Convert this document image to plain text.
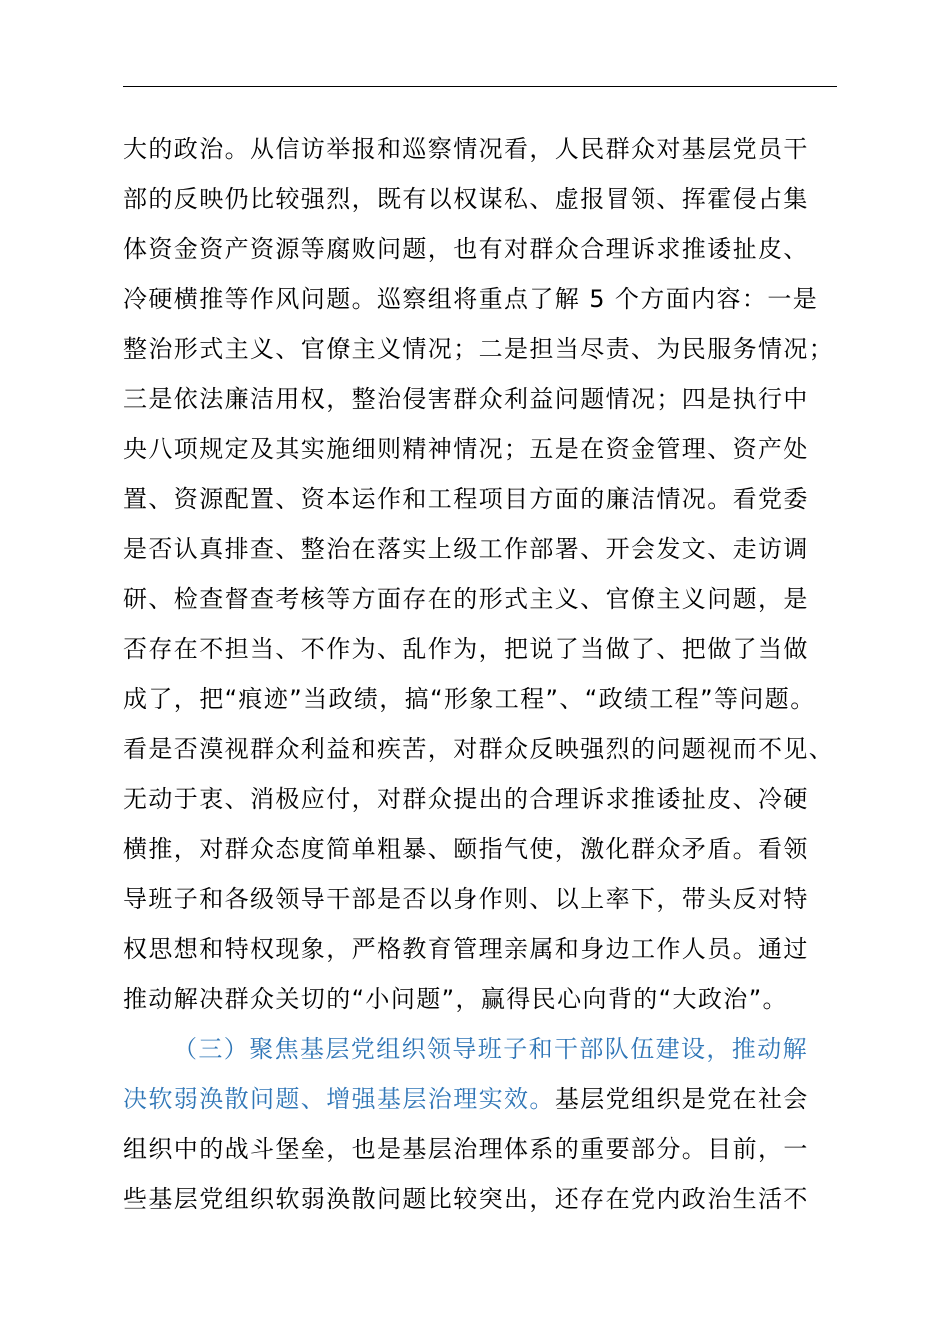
大的政治。从信访举报和巡察情况看，人民群众对基层党员干
部的反映仍比较强烈，既有以权谋私、虚报冒领、挥霍侵占集
体资金资产资源等腐败问题，也有对群众合理诉求推诿扯皮、
冷硬横推等作风问题。巡察组将重点了解 5 个方面内容：一是
整治形式主义、官僚主义情况；二是担当尽责、为民服务情况；
三是依法廉洁用权，整治侵害群众利益问题情况；四是执行中
央八项规定及其实施细则精神情况；五是在资金管理、资产处
置、资源配置、资本运作和工程项目方面的廉洁情况。看党委
是否认真排查、整治在落实上级工作部署、开会发文、走访调
研、检查督查考核等方面存在的形式主义、官僚主义问题，是
否存在不担当、不作为、乱作为，把说了当做了、把做了当做
成了，把“痕迹”当政绩，搞“形象工程”、“政绩工程”等问题。
看是否漠视群众利益和疾苦，对群众反映强烈的问题视而不见、
无动于衷、消极应付，对群众提出的合理诉求推诿扯皮、冷硬
横推，对群众态度简单粗暴、颐指气使，激化群众矛盾。看领
导班子和各级领导干部是否以身作则、以上率下，带头反对特
权思想和特权现象，严格教育管理亲属和身边工作人员。通过
推动解决群众关切的“小问题”，赢得民心向背的“大政治”。
（三）聚焦基层党组织领导班子和干部队伍建设，推动解
决软弱涣散问题、增强基层治理实效。基层党组织是党在社会
组织中的战斗堡垒，也是基层治理体系的重要部分。目前，一
些基层党组织软弱涣散问题比较突出，还存在党内政治生活不
